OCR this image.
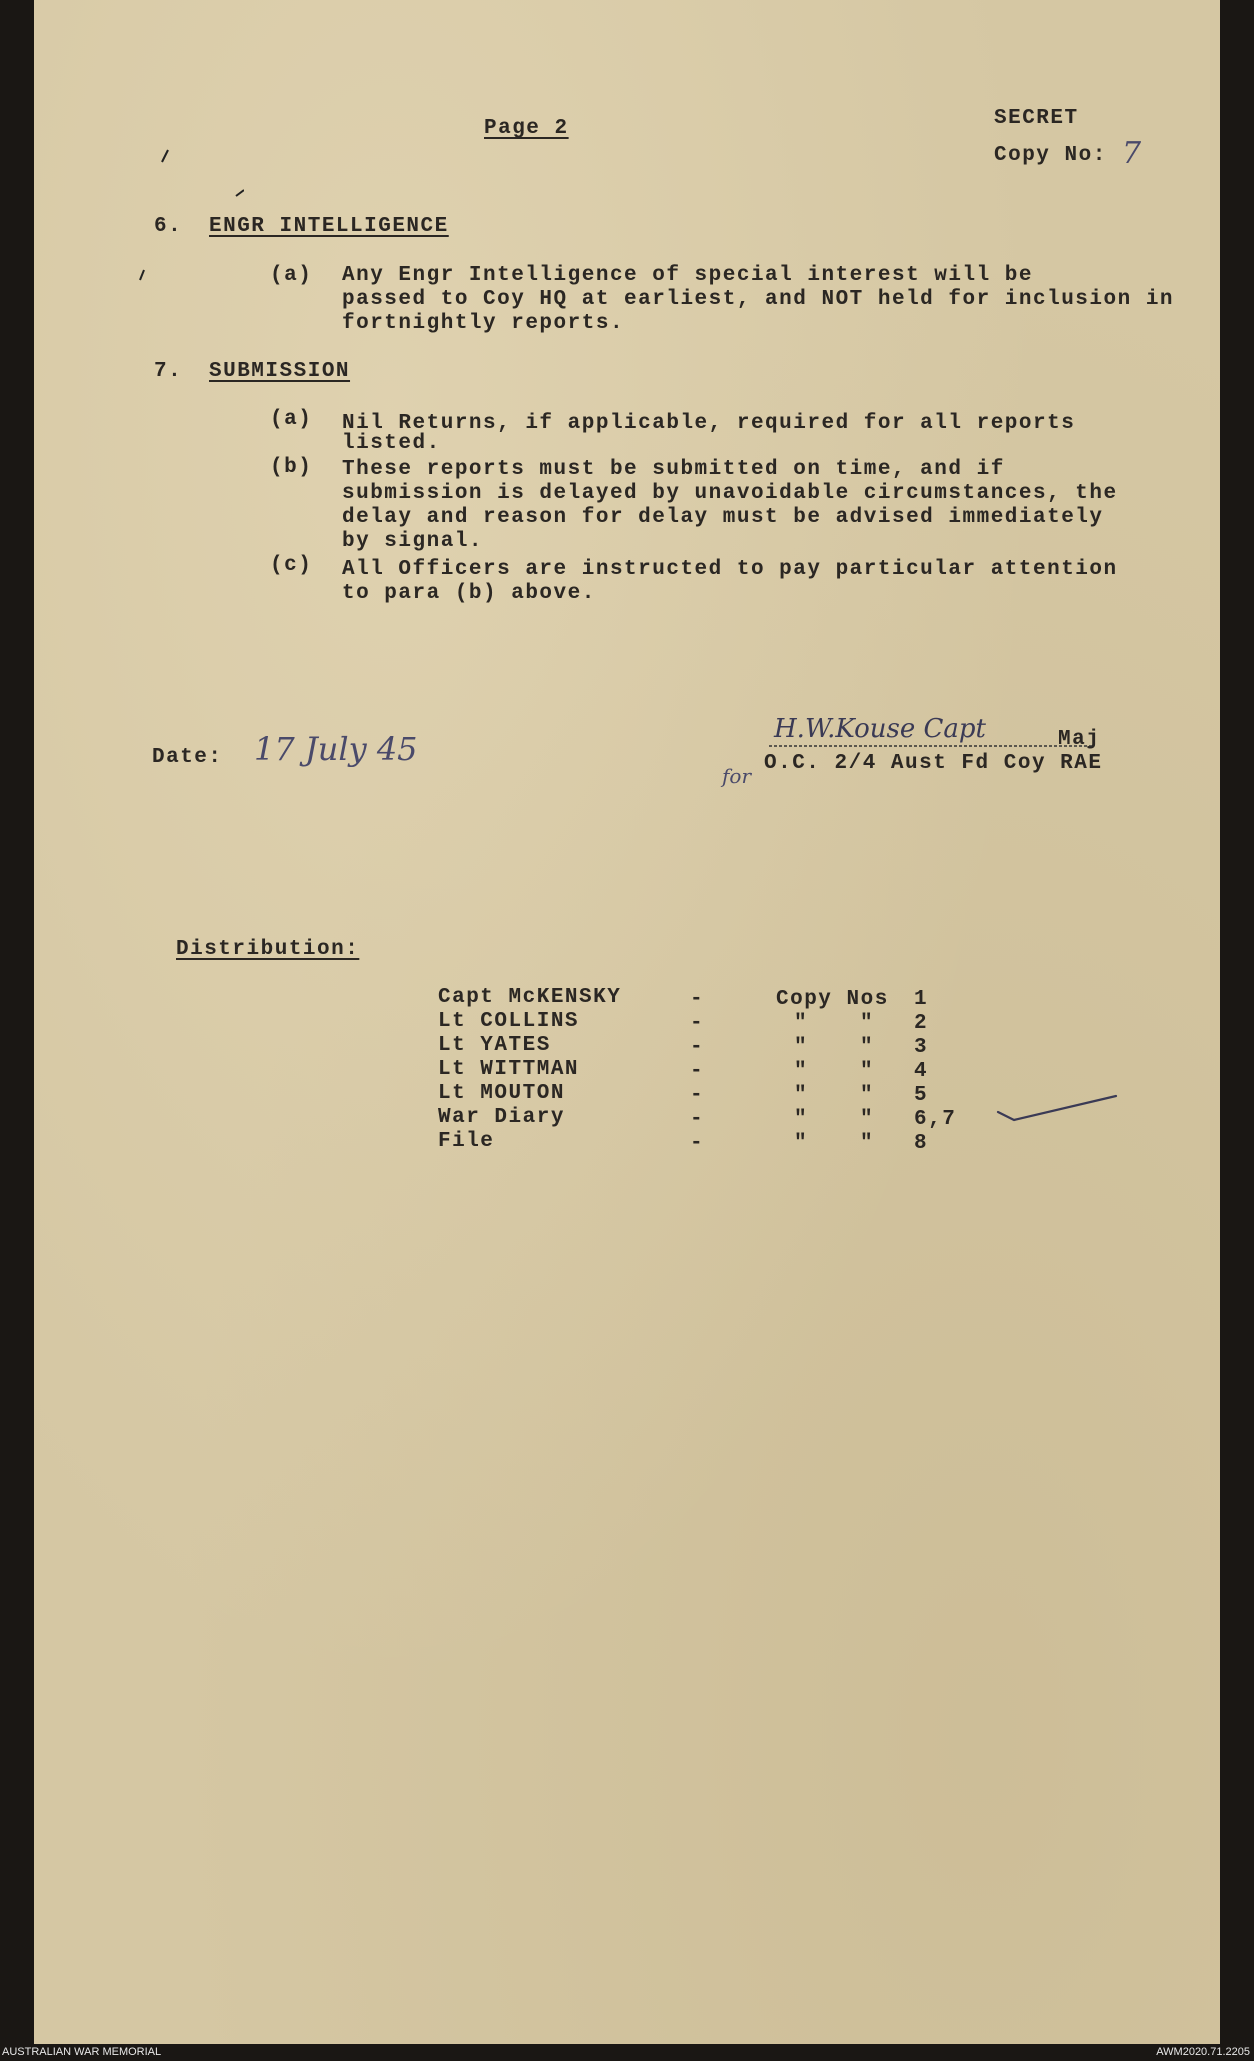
Page 2	SECRET
Copy No: 7
6. ENGR INTELLIGENCE
(a) Any Engr Intelligence of special interest will be
passed to Coy HQ at earliest, and NOT held for inclusion in
fortnightly reports.
7. SUBMISSION
(a) Nil Returns, if applicable, required for all reports
listed.
(b) These reports must be submitted on time, and if
submission is delayed by unavoidable circumstances, the
delay and reason for delay must be advised immediately
by signal.
(c) All Officers are instructed to pay particular attention
to para (b) above.
Date: 17 July 45
H.W.Kouse Capt	Maj
for
O.C. 2/4 Aust Fd Coy RAE
Distribution:
Capt McKENSKY	-	Copy Nos 1
Lt COLLINS	-	" " 2
Lt YATES	-	" " 3
Lt WITTMAN	-	" " 4
Lt MOUTON	-	" " 5
War Diary	-	" " 6,7
File	-	" " 8
AUSTRALIAN WAR MEMORIAL	AWM2020.71.2205
